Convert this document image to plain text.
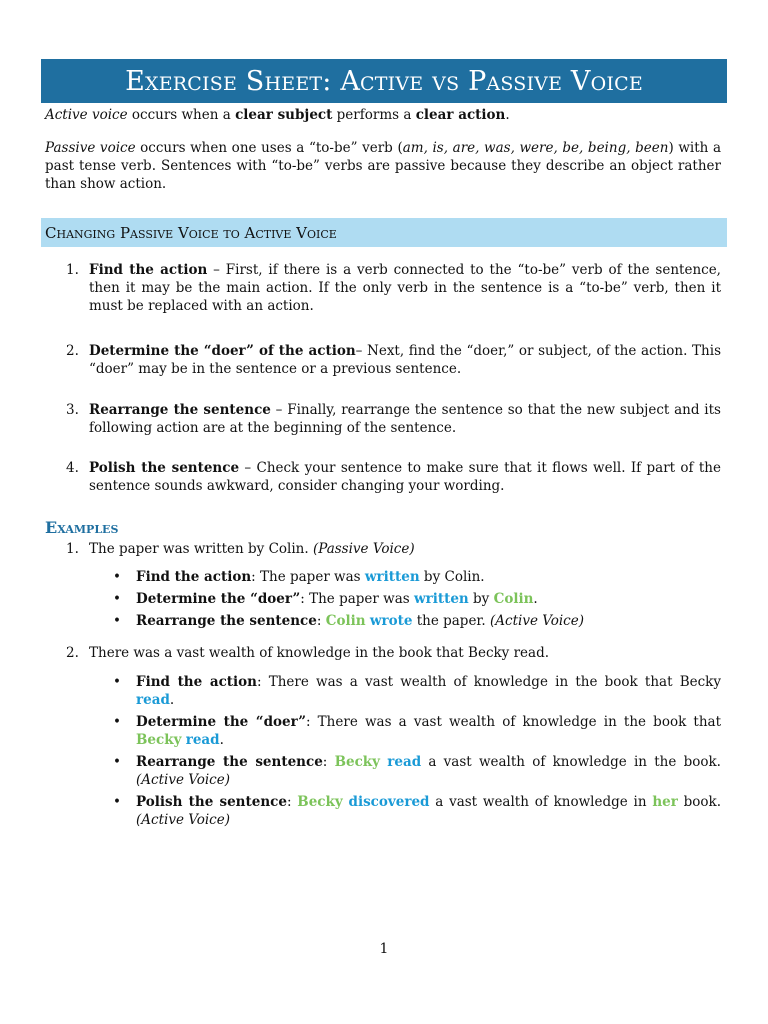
Exercise Sheet: Active vs Passive Voice
Active voice occurs when a clear subject performs a clear action.
Passive voice occurs when one uses a “to-be” verb (am, is, are, was, were, be, being, been) with a past tense verb. Sentences with “to-be” verbs are passive because they describe an object rather than show action.
Changing Passive Voice to Active Voice
1. Find the action – First, if there is a verb connected to the “to-be” verb of the sentence, then it may be the main action. If the only verb in the sentence is a “to-be” verb, then it must be replaced with an action.
2. Determine the “doer” of the action– Next, find the “doer,” or subject, of the action. This “doer” may be in the sentence or a previous sentence.
3. Rearrange the sentence – Finally, rearrange the sentence so that the new subject and its following action are at the beginning of the sentence.
4. Polish the sentence – Check your sentence to make sure that it flows well. If part of the sentence sounds awkward, consider changing your wording.
Examples
1. The paper was written by Colin. (Passive Voice)
• Find the action: The paper was written by Colin.
• Determine the “doer”: The paper was written by Colin.
• Rearrange the sentence: Colin wrote the paper. (Active Voice)
2. There was a vast wealth of knowledge in the book that Becky read.
• Find the action: There was a vast wealth of knowledge in the book that Becky read.
• Determine the “doer”: There was a vast wealth of knowledge in the book that Becky read.
• Rearrange the sentence: Becky read a vast wealth of knowledge in the book. (Active Voice)
• Polish the sentence: Becky discovered a vast wealth of knowledge in her book. (Active Voice)
1
